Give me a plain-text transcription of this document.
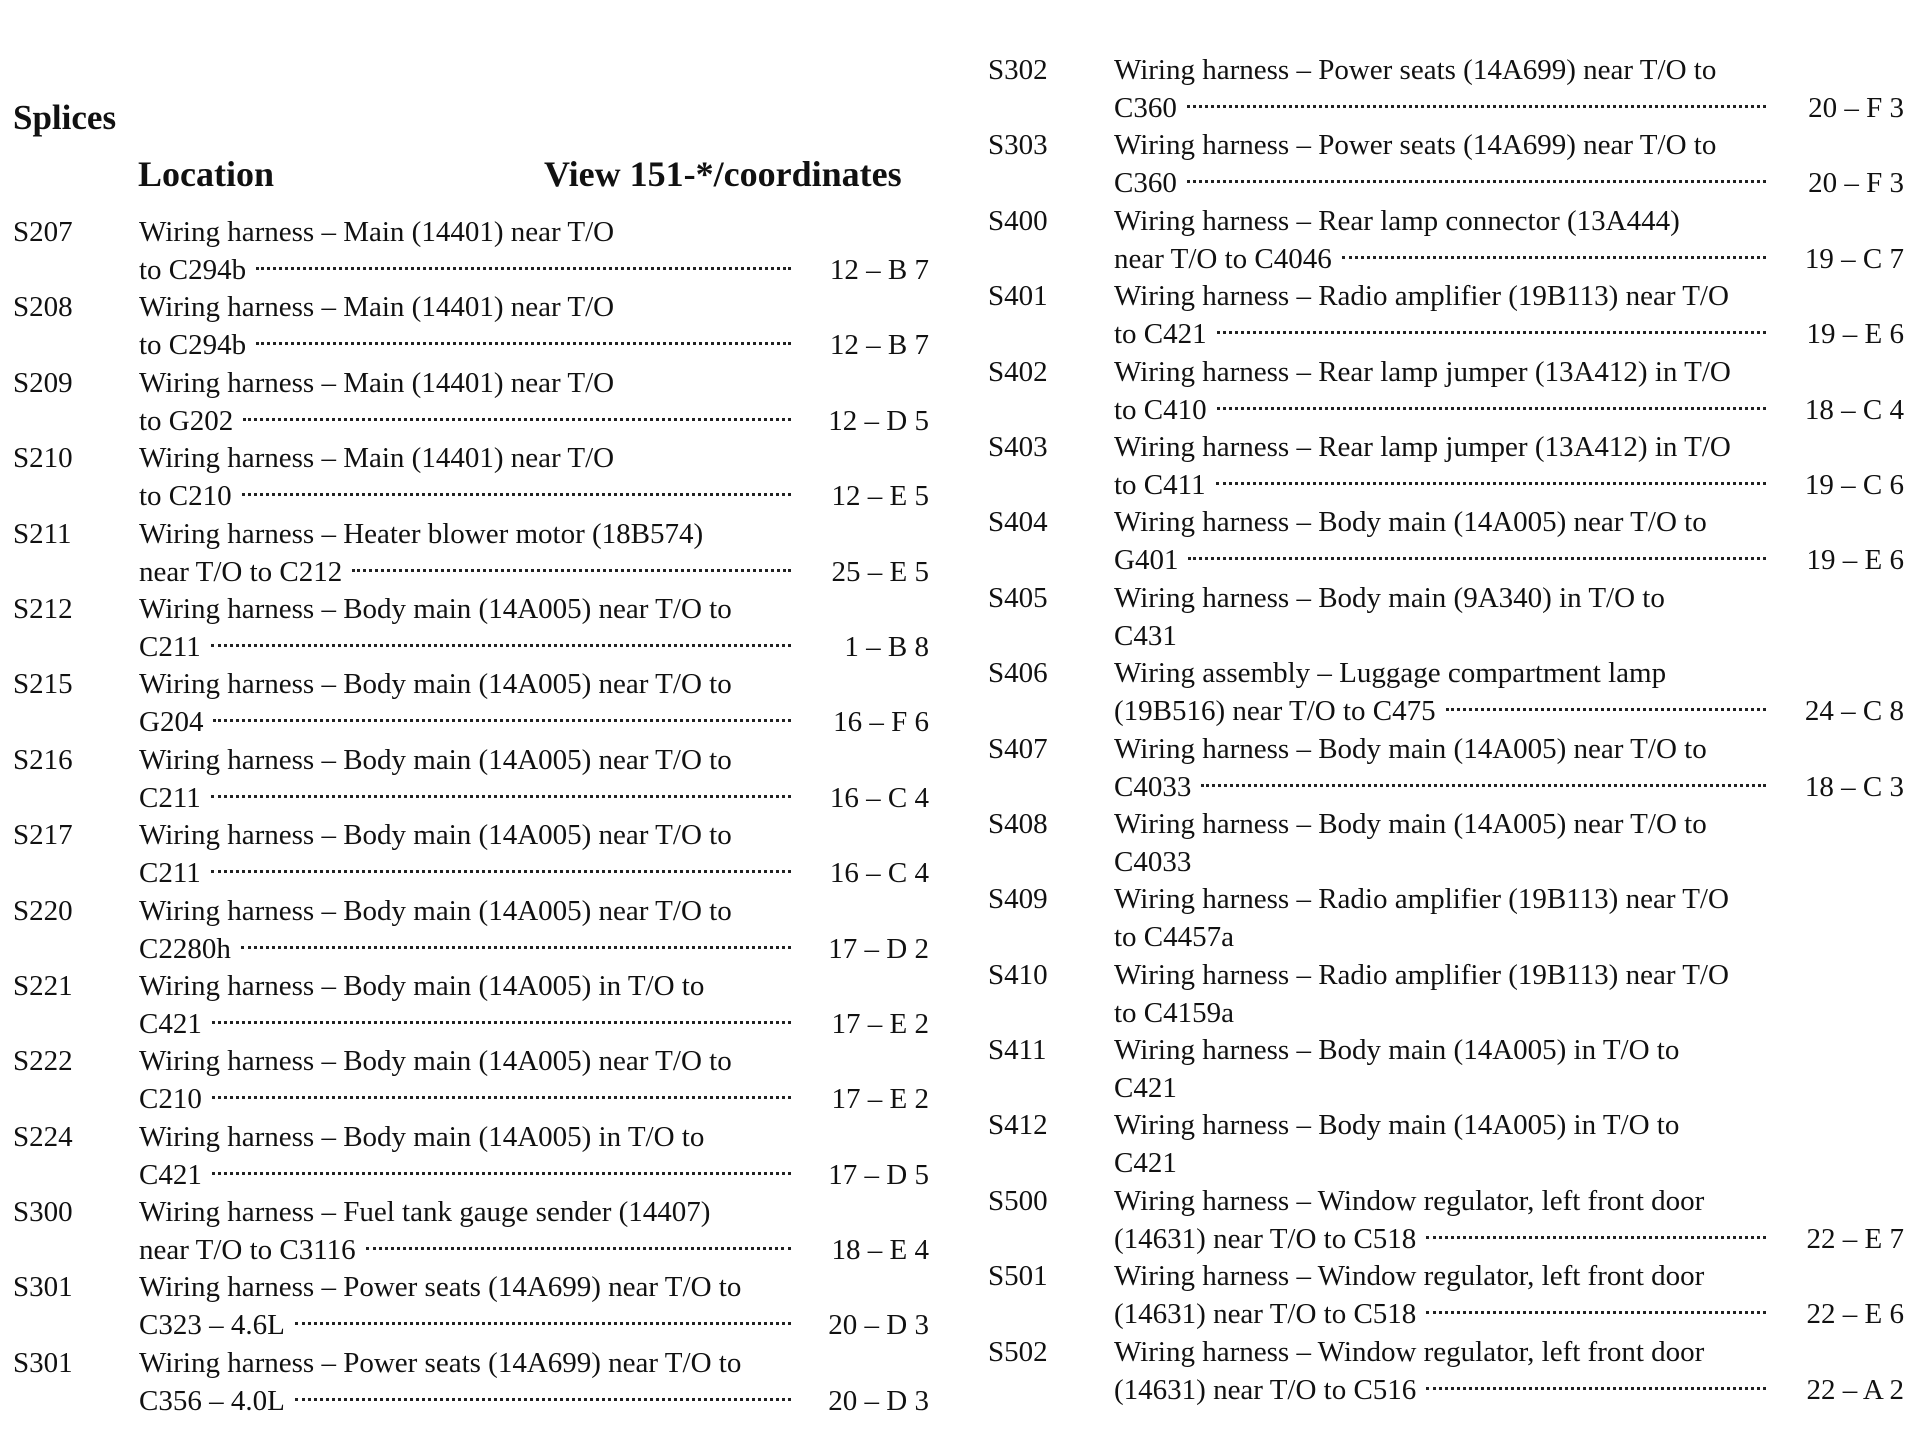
Splices
Location	View 151-*/coordinates
S207 Wiring harness – Main (14401) near T/O
to C294b	12 – B 7
S208 Wiring harness – Main (14401) near T/O
to C294b	12 – B 7
S209 Wiring harness – Main (14401) near T/O
to G202	12 – D 5
S210 Wiring harness – Main (14401) near T/O
to C210	12 – E 5
S211 Wiring harness – Heater blower motor (18B574)
near T/O to C212	25 – E 5
S212 Wiring harness – Body main (14A005) near T/O to
C211	1 – B 8
S215 Wiring harness – Body main (14A005) near T/O to
G204	16 – F 6
S216 Wiring harness – Body main (14A005) near T/O to
C211	16 – C 4
S217 Wiring harness – Body main (14A005) near T/O to
C211	16 – C 4
S220 Wiring harness – Body main (14A005) near T/O to
C2280h	17 – D 2
S221 Wiring harness – Body main (14A005) in T/O to
C421	17 – E 2
S222 Wiring harness – Body main (14A005) near T/O to
C210	17 – E 2
S224 Wiring harness – Body main (14A005) in T/O to
C421	17 – D 5
S300 Wiring harness – Fuel tank gauge sender (14407)
near T/O to C3116	18 – E 4
S301 Wiring harness – Power seats (14A699) near T/O to
C323 – 4.6L	20 – D 3
S301 Wiring harness – Power seats (14A699) near T/O to
C356 – 4.0L	20 – D 3
S302 Wiring harness – Power seats (14A699) near T/O to
C360	20 – F 3
S303 Wiring harness – Power seats (14A699) near T/O to
C360	20 – F 3
S400 Wiring harness – Rear lamp connector (13A444)
near T/O to C4046	19 – C 7
S401 Wiring harness – Radio amplifier (19B113) near T/O
to C421	19 – E 6
S402 Wiring harness – Rear lamp jumper (13A412) in T/O
to C410	18 – C 4
S403 Wiring harness – Rear lamp jumper (13A412) in T/O
to C411	19 – C 6
S404 Wiring harness – Body main (14A005) near T/O to
G401	19 – E 6
S405 Wiring harness – Body main (9A340) in T/O to
C431
S406 Wiring assembly – Luggage compartment lamp
(19B516) near T/O to C475	24 – C 8
S407 Wiring harness – Body main (14A005) near T/O to
C4033	18 – C 3
S408 Wiring harness – Body main (14A005) near T/O to
C4033
S409 Wiring harness – Radio amplifier (19B113) near T/O
to C4457a
S410 Wiring harness – Radio amplifier (19B113) near T/O
to C4159a
S411 Wiring harness – Body main (14A005) in T/O to
C421
S412 Wiring harness – Body main (14A005) in T/O to
C421
S500 Wiring harness – Window regulator, left front door
(14631) near T/O to C518	22 – E 7
S501 Wiring harness – Window regulator, left front door
(14631) near T/O to C518	22 – E 6
S502 Wiring harness – Window regulator, left front door
(14631) near T/O to C516	22 – A 2
